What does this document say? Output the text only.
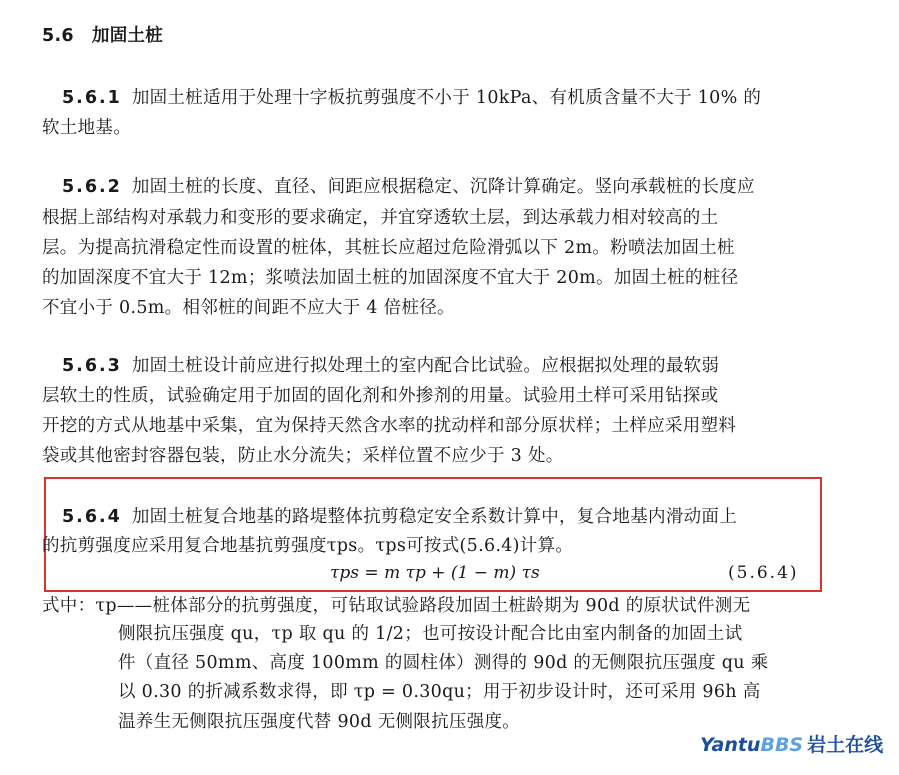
5.6 加固土桩
5.6.1 加固土桩适用于处理十字板抗剪强度不小于 10kPa、有机质含量不大于 10% 的
软土地基。
5.6.2 加固土桩的长度、直径、间距应根据稳定、沉降计算确定。竖向承载桩的长度应
根据上部结构对承载力和变形的要求确定，并宜穿透软土层，到达承载力相对较高的土
层。为提高抗滑稳定性而设置的桩体，其桩长应超过危险滑弧以下 2m。粉喷法加固土桩
的加固深度不宜大于 12m；浆喷法加固土桩的加固深度不宜大于 20m。加固土桩的桩径
不宜小于 0.5m。相邻桩的间距不应大于 4 倍桩径。
5.6.3 加固土桩设计前应进行拟处理土的室内配合比试验。应根据拟处理的最软弱
层软土的性质，试验确定用于加固的固化剂和外掺剂的用量。试验用土样可采用钻探或
开挖的方式从地基中采集，宜为保持天然含水率的扰动样和部分原状样；土样应采用塑料
袋或其他密封容器包装，防止水分流失；采样位置不应少于 3 处。
5.6.4 加固土桩复合地基的路堤整体抗剪稳定安全系数计算中，复合地基内滑动面上
的抗剪强度应采用复合地基抗剪强度τps。τps可按式(5.6.4)计算。
τps = m τp + (1 − m) τs	(5.6.4)
式中：τp——桩体部分的抗剪强度，可钻取试验路段加固土桩龄期为 90d 的原状试件测无
侧限抗压强度 qu，τp 取 qu 的 1/2；也可按设计配合比由室内制备的加固土试
件（直径 50mm、高度 100mm 的圆柱体）测得的 90d 的无侧限抗压强度 qu 乘
以 0.30 的折减系数求得，即 τp = 0.30qu；用于初步设计时，还可采用 96h 高
温养生无侧限抗压强度代替 90d 无侧限抗压强度。
YantuBBS 岩土在线
